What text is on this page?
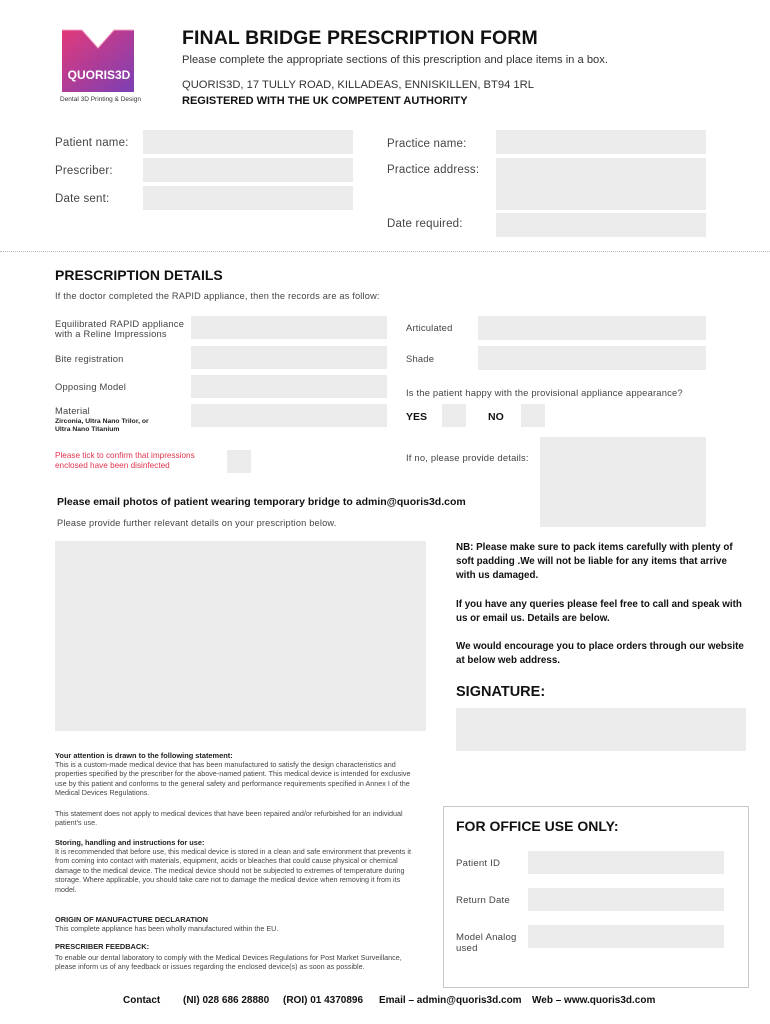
QUORIS3D
Dental 3D Printing & Design
FINAL BRIDGE PRESCRIPTION FORM
Please complete the appropriate sections of this prescription and place items in a box.
QUORIS3D, 17 TULLY ROAD, KILLADEAS, ENNISKILLEN, BT94 1RL
REGISTERED WITH THE UK COMPETENT AUTHORITY
Patient name:
Prescriber:
Date sent:
Practice name:
Practice address:
Date required:
PRESCRIPTION DETAILS
If the doctor completed the RAPID appliance, then the records are as follow:
Equilibrated RAPID appliance
with a Reline Impressions
Bite registration
Opposing Model
Material
Zirconia, Ultra Nano Trilor, or
Ultra Nano Titanium
Please tick to confirm that impressions
enclosed have been disinfected
Articulated
Shade
Is the patient happy with the provisional appliance appearance?
YES	NO
If no, please provide details:
Please email photos of patient wearing temporary bridge to admin@quoris3d.com
Please provide further relevant details on your prescription below.
NB: Please make sure to pack items carefully with plenty of soft padding .We will not be liable for any items that arrive with us damaged.
If you have any queries please feel free to call and speak with us or email us. Details are below.
We would encourage you to place orders through our website at below web address.
SIGNATURE:
Your attention is drawn to the following statement:
This is a custom-made medical device that has been manufactured to satisfy the design characteristics and properties specified by the prescriber for the above-named patient. This medical device is intended for exclusive use by this patient and conforms to the general safety and performance requirements specified in Annex I of the Medical Devices Regulations.
This statement does not apply to medical devices that have been repaired and/or refurbished for an individual patient's use.
Storing, handling and instructions for use:
It is recommended that before use, this medical device is stored in a clean and safe environment that prevents it from coming into contact with materials, equipment, acids or bleaches that could cause physical or chemical damage to the medical device. The medical device should not be subjected to extremes of temperature during storage. Where applicable, you should take care not to damage the medical device when removing it from its model.
ORIGIN OF MANUFACTURE DECLARATION
This complete appliance has been wholly manufactured within the EU.
PRESCRIBER FEEDBACK:
To enable our dental laboratory to comply with the Medical Devices Regulations for Post Market Surveillance, please inform us of any feedback or issues regarding the enclosed device(s) as soon as possible.
FOR OFFICE USE ONLY:
Patient ID
Return Date
Model Analog
used
Contact (NI) 028 686 28880 (ROI) 01 4370896 Email – admin@quoris3d.com Web – www.quoris3d.com
